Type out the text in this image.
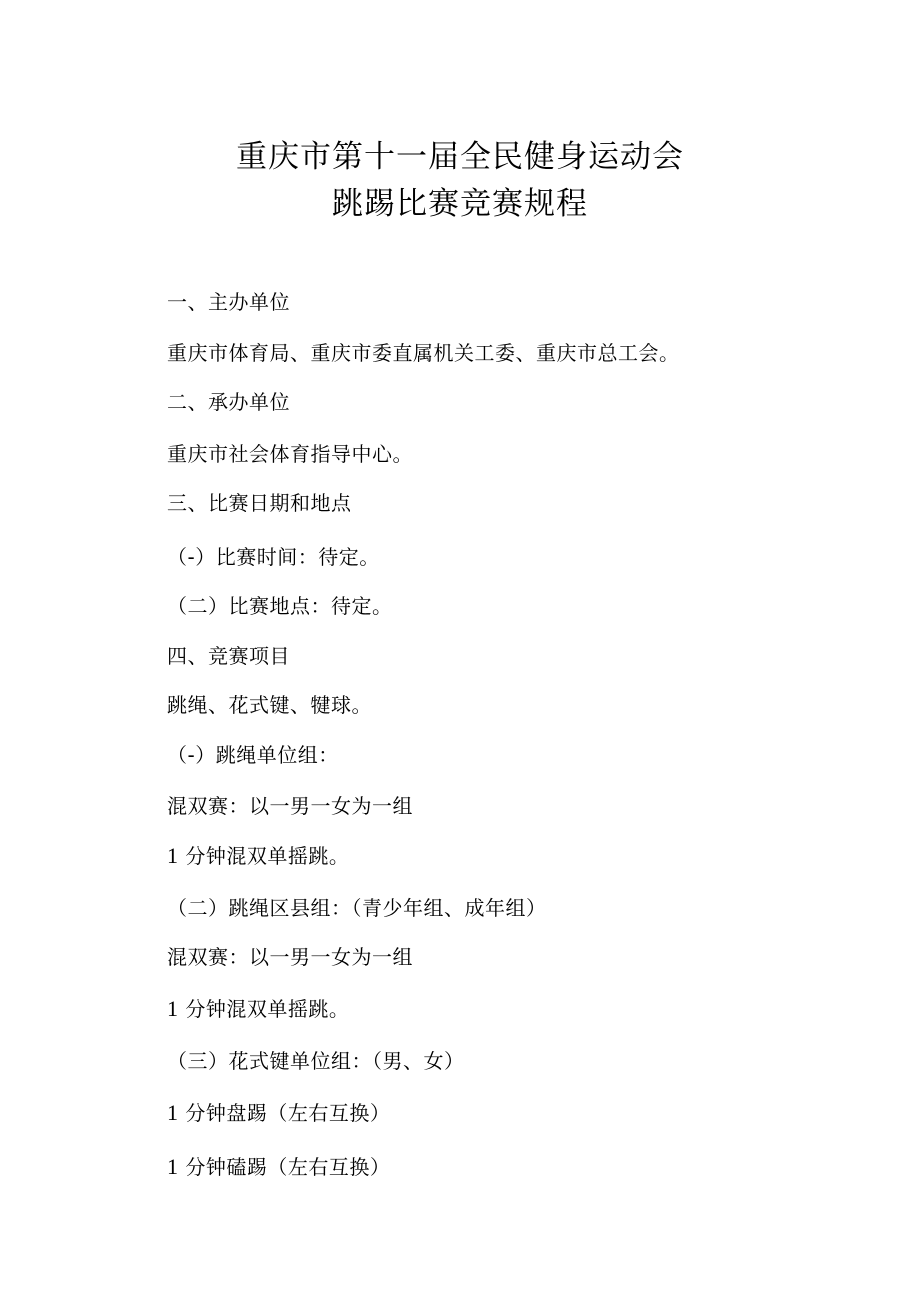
重庆市第十一届全民健身运动会
跳踢比赛竞赛规程
一、主办单位
重庆市体育局、重庆市委直属机关工委、重庆市总工会。
二、承办单位
重庆市社会体育指导中心。
三、比赛日期和地点
（-）比赛时间：待定。
（二）比赛地点：待定。
四、竞赛项目
跳绳、花式键、犍球。
（-）跳绳单位组：
混双赛：以一男一女为一组
1 分钟混双单摇跳。
（二）跳绳区县组：（青少年组、成年组）
混双赛：以一男一女为一组
1 分钟混双单摇跳。
（三）花式键单位组：（男、女）
1 分钟盘踢（左右互换）
1 分钟磕踢（左右互换）
